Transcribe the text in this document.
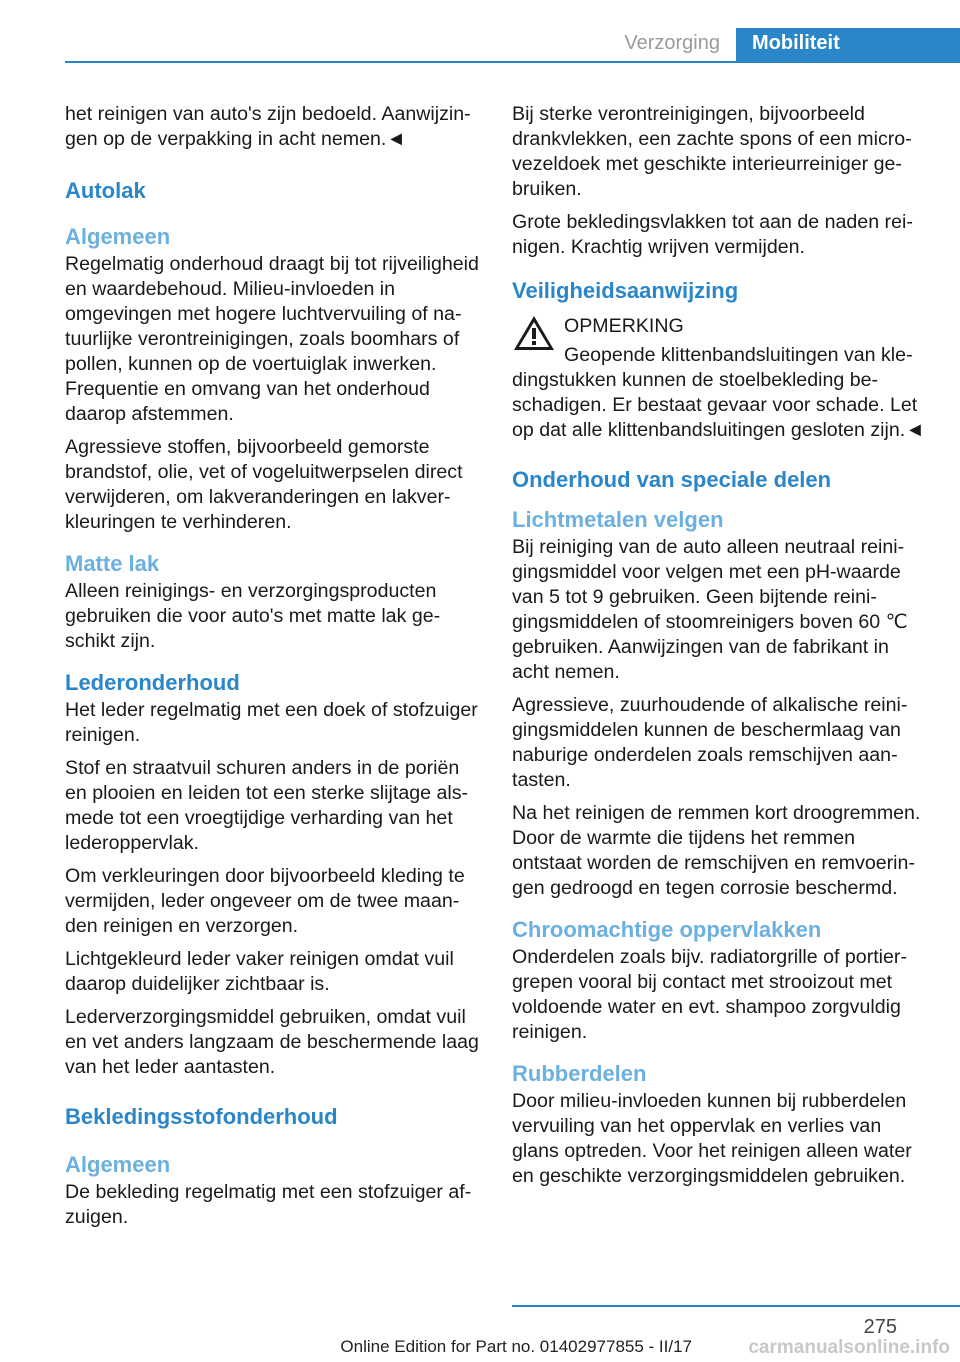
Verzorging	Mobiliteit

het reinigen van auto's zijn bedoeld. Aanwijzingen op de verpakking in acht nemen.◄

Autolak
Algemeen

Regelmatig onderhoud draagt bij tot rijveiligheid en waardebehoud. Milieu-invloeden in omgevingen met hogere luchtvervuiling of natuurlijke verontreinigingen, zoals boomhars of pollen, kunnen op de voertuiglak inwerken. Frequentie en omvang van het onderhoud daarop afstemmen.

Agressieve stoffen, bijvoorbeeld gemorste brandstof, olie, vet of vogeluitwerpselen direct verwijderen, om lakveranderingen en lakverkleuringen te verhinderen.

Matte lak

Alleen reinigings- en verzorgingsproducten gebruiken die voor auto's met matte lak geschikt zijn.

Lederonderhoud

Het leder regelmatig met een doek of stofzuiger reinigen.

Stof en straatvuil schuren anders in de poriën en plooien en leiden tot een sterke slijtage alsmede tot een vroegtijdige verharding van het lederoppervlak.

Om verkleuringen door bijvoorbeeld kleding te vermijden, leder ongeveer om de twee maanden reinigen en verzorgen.

Lichtgekleurd leder vaker reinigen omdat vuil daarop duidelijker zichtbaar is.

Lederverzorgingsmiddel gebruiken, omdat vuil en vet anders langzaam de beschermende laag van het leder aantasten.

Bekledingsstofonderhoud
Algemeen

De bekleding regelmatig met een stofzuiger afzuigen.

Bij sterke verontreinigingen, bijvoorbeeld drankvlekken, een zachte spons of een microvezeldoek met geschikte interieurreiniger gebruiken.

Grote bekledingsvlakken tot aan de naden reinigen. Krachtig wrijven vermijden.

Veiligheidsaanwijzing
OPMERKING

Geopende klittenbandsluitingen van kledingstukken kunnen de stoelbekleding beschadigen. Er bestaat gevaar voor schade. Let op dat alle klittenbandsluitingen gesloten zijn.◄

Onderhoud van speciale delen
Lichtmetalen velgen

Bij reiniging van de auto alleen neutraal reinigingsmiddel voor velgen met een pH-waarde van 5 tot 9 gebruiken. Geen bijtende reinigingsmiddelen of stoomreinigers boven 60 ℃ gebruiken. Aanwijzingen van de fabrikant in acht nemen.

Agressieve, zuurhoudende of alkalische reinigingsmiddelen kunnen de beschermlaag van naburige onderdelen zoals remschijven aantasten.

Na het reinigen de remmen kort droogremmen. Door de warmte die tijdens het remmen ontstaat worden de remschijven en remvoeringen gedroogd en tegen corrosie beschermd.

Chroomachtige oppervlakken

Onderdelen zoals bijv. radiatorgrille of portiergrepen vooral bij contact met strooizout met voldoende water en evt. shampoo zorgvuldig reinigen.

Rubberdelen

Door milieu-invloeden kunnen bij rubberdelen vervuiling van het oppervlak en verlies van glans optreden. Voor het reinigen alleen water en geschikte verzorgingsmiddelen gebruiken.

275
Online Edition for Part no. 01402977855 - II/17	carmanualsonline.info
